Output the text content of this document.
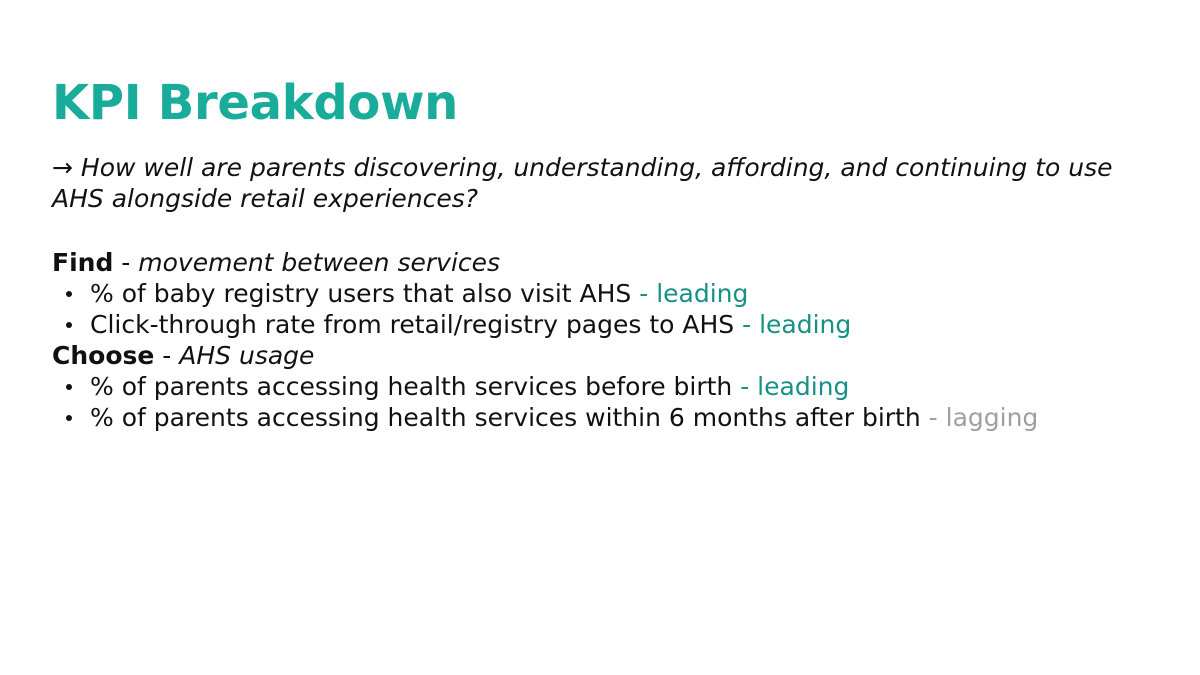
KPI Breakdown
→ How well are parents discovering, understanding, affording, and continuing to use AHS alongside retail experiences?
Find - movement between services
% of baby registry users that also visit AHS - leading
Click-through rate from retail/registry pages to AHS - leading
Choose - AHS usage
% of parents accessing health services before birth - leading
% of parents accessing health services within 6 months after birth - lagging
